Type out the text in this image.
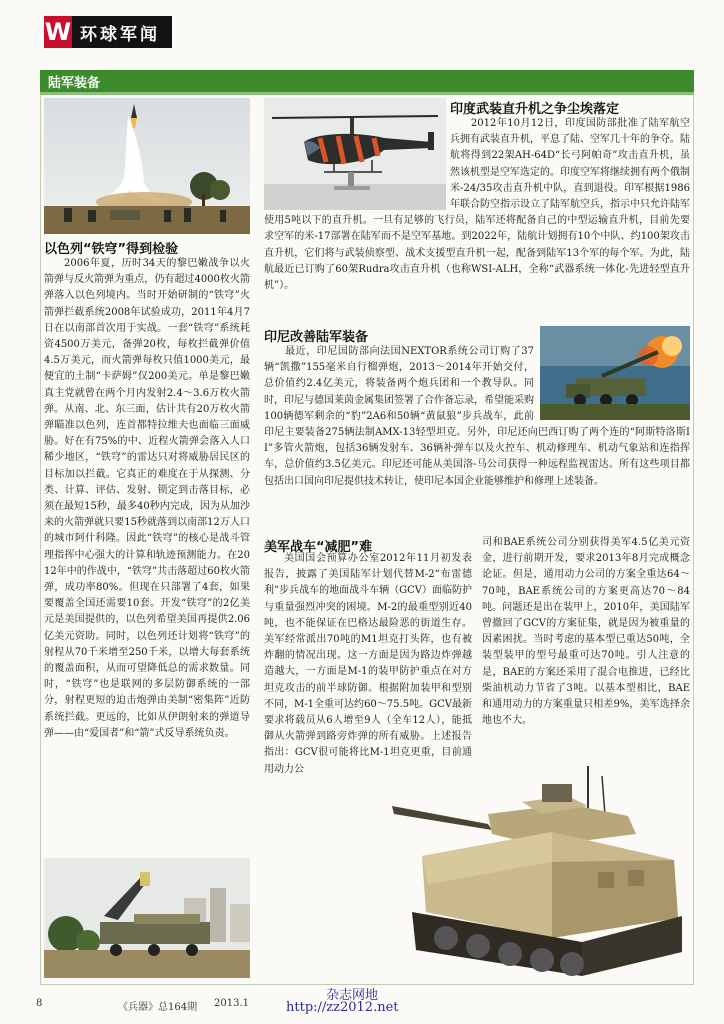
W 环球军闻
陆军装备
以色列“铁穹”得到检验

2006年夏，历时34天的黎巴嫩战争以火箭弹与反火箭弹为重点，仍有超过4000枚火箭弹落入以色列境内。当时开始研制的“铁穹”火箭弹拦截系统2008年试验成功，2011年4月7日在以南部首次用于实战。一套“铁穹”系统耗资4500万美元，备弹20枚，每枚拦截弹价值4.5万美元，而火箭弹每枚只值1000美元，最便宜的土制“卡萨姆”仅200美元。单是黎巴嫩真主党就曾在两个月内发射2.4～3.6万枚火箭弹。从南、北、东三面，估计共有20万枚火箭弹瞄准以色列，连首都特拉维夫也面临三面威胁。好在有75%的中、近程火箭弹会落入人口稀少地区，“铁穹”的雷达只对将威胁居民区的目标加以拦截。它真正的难度在于从探测、分类、计算、评估、发射、锁定到击落目标，必须在最短15秒，最多40秒内完成，因为从加沙来的火箭弹就只要15秒就落到以南部12万人口的城市阿什科隆。因此“铁穹”的核心是战斗管理指挥中心强大的计算和轨迹预测能力。在2012年中的作战中，“铁穹”共击落超过60枚火箭弹，成功率80%。但现在只部署了4套，如果要覆盖全国还需要10套。开发“铁穹”的2亿美元是美国提供的，以色列希望美国再提供2.06亿美元资助。同时，以色列还计划将“铁穹”的射程从70千米增至250千米，以增大每套系统的覆盖面积，从而可望降低总的需求数量。同时，“铁穹”也是联网的多层防御系统的一部分，射程更短的迫击炮弹由美制“密集阵”近防系统拦截。更远的，比如从伊朗射来的弹道导弹——由“爱国者”和“箭”式反导系统负责。

印度武装直升机之争尘埃落定

　　2012年10月12日，印度国防部批准了陆军航空兵拥有武装直升机，平息了陆、空军几十年的争夺。陆航将得到22架AH-64D“长弓阿帕奇”攻击直升机，虽然该机型是空军选定的。印度空军将继续拥有两个俄制米-24/35攻击直升机中队，直到退役。印军根据1986年联合防空指示设立了陆军航空兵，指示中只允许陆军使用5吨以下的直升机。一旦有足够的飞行员，陆军还将配备自己的中型运输直升机，目前先要求空军的米-17部署在陆军而不是空军基地。到2022年，陆航计划拥有10个中队、约100架攻击直升机，它们将与武装侦察型、战术支援型直升机一起，配备到陆军13个军的每个军。为此，陆航最近已订购了60架Rudra攻击直升机（也称WSI-ALH，全称“武器系统一体化-先进轻型直升机”）。

印尼改善陆军装备

　　最近，印尼国防部向法国NEXTOR系统公司订购了37辆“凯撒”155毫米自行榴弹炮，2013～2014年开始交付，总价值约2.4亿美元，将装备两个炮兵团和一个教导队。同时，印尼与德国莱茵金属集团签署了合作备忘录，希望能采购100辆德军剩余的“豹”2A6和50辆“黄鼠狼”步兵战车，此前印尼主要装备275辆法制AMX-13轻型坦克。另外，印尼还向巴西订购了两个连的“阿斯特洛斯II”多管火箭炮，包括36辆发射车、36辆补弹车以及火控车、机动修理车、机动气象站和连指挥车，总价值约3.5亿美元。印尼还可能从美国洛-马公司获得一种远程监视雷达。所有这些项目都包括出口国向印尼提供技术转让，使印尼本国企业能够维护和修理上述装备。

美军战车“减肥”难

美国国会预算办公室2012年11月初发表报告，披露了美国陆军计划代替M-2“布雷德利”步兵战车的地面战斗车辆（GCV）面临防护与重量强烈冲突的困境。M-2的最重型别近40吨，也不能保证在巴格达最险恶的街道生存。美军经常派出70吨的M1坦克打头阵，也有被炸翻的情况出现。这一方面是因为路边炸弹越造越大，一方面是M-1的装甲防护重点在对方坦克攻击的前半球防御。根据附加装甲和型别不同，M-1全重可达约60～75.5吨。GCV最新要求将载员从6人增至9人（全车12人），能抵御从火箭弹到路旁炸弹的所有威胁。上述报告指出：GCV很可能将比M-1坦克更重，目前通用动力公

司和BAE系统公司分别获得美军4.5亿美元资金，进行前期开发，要求2013年8月完成概念论证。但是，通用动力公司的方案全重达64～70吨，BAE系统公司的方案更高达70～84吨。问题还是出在装甲上，2010年，美国陆军曾撤回了GCV的方案征集，就是因为被重量的因素困扰。当时考虑的基本型已重达50吨，全装型装甲的型号最重可达70吨。引人注意的是，BAE的方案还采用了混合电推进，已经比柴油机动力节省了3吨。以基本型相比，BAE和通用动力的方案重量只相差9%，美军选择余地也不大。

8	《兵器》总164期 2013.1
杂志网地
http://zz2012.net
